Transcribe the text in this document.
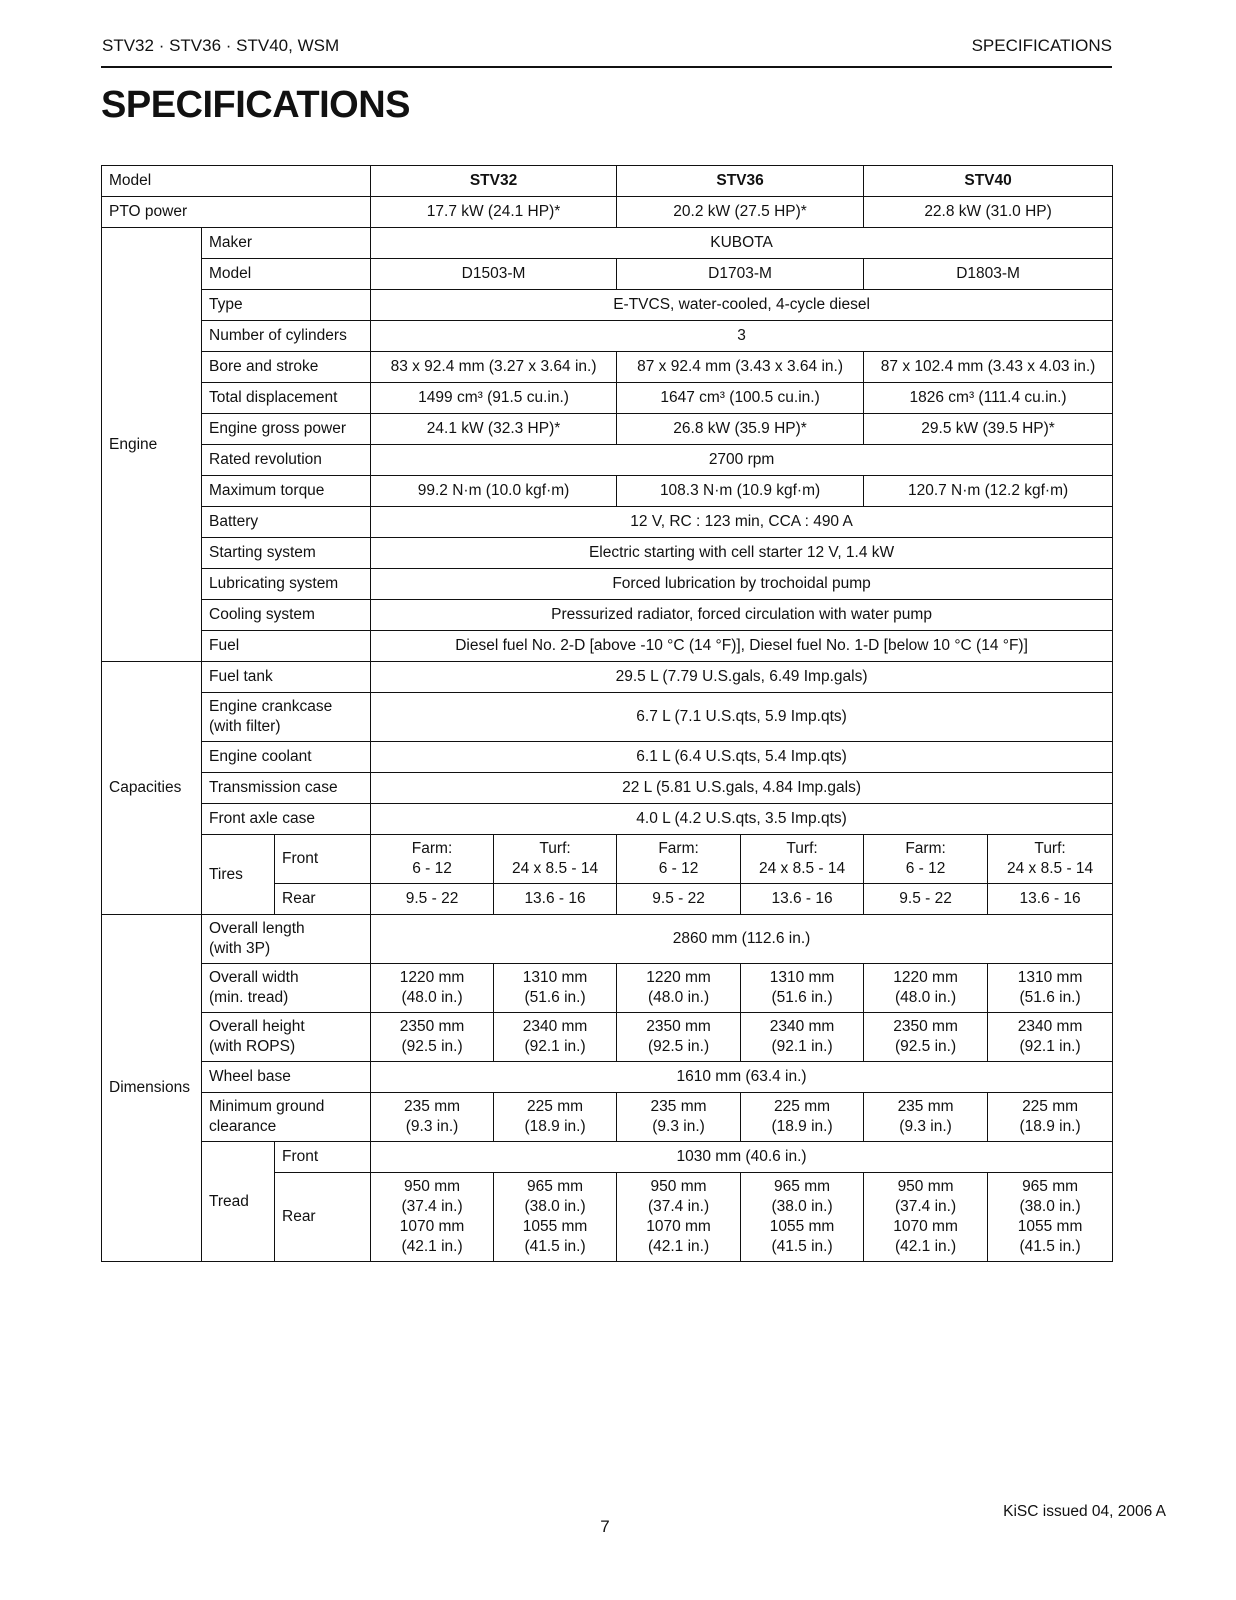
STV32 · STV36 · STV40, WSM	SPECIFICATIONS
SPECIFICATIONS
Model			STV32		STV36		STV40	
PTO power			17.7 kW (24.1 HP)*		20.2 kW (27.5 HP)*		22.8 kW (31.0 HP)	
Engine	Maker		KUBOTA					
	Model		D1503-M		D1703-M		D1803-M	
	Type		E-TVCS, water-cooled, 4-cycle diesel					
	Number of cylinders		3					
	Bore and stroke		83 x 92.4 mm (3.27 x 3.64 in.)		87 x 92.4 mm (3.43 x 3.64 in.)		87 x 102.4 mm (3.43 x 4.03 in.)	
	Total displacement		1499 cm³ (91.5 cu.in.)		1647 cm³ (100.5 cu.in.)		1826 cm³ (111.4 cu.in.)	
	Engine gross power		24.1 kW (32.3 HP)*		26.8 kW (35.9 HP)*		29.5 kW (39.5 HP)*	
	Rated revolution		2700 rpm					
	Maximum torque		99.2 N·m (10.0 kgf·m)		108.3 N·m (10.9 kgf·m)		120.7 N·m (12.2 kgf·m)	
	Battery		12 V, RC : 123 min, CCA : 490 A					
	Starting system		Electric starting with cell starter 12 V, 1.4 kW					
	Lubricating system		Forced lubrication by trochoidal pump					
	Cooling system		Pressurized radiator, forced circulation with water pump					
	Fuel		Diesel fuel No. 2-D [above -10 °C (14 °F)], Diesel fuel No. 1-D [below 10 °C (14 °F)]					
Capacities	Fuel tank		29.5 L (7.79 U.S.gals, 6.49 Imp.gals)					
	Engine crankcase
(with filter)		6.7 L (7.1 U.S.qts, 5.9 Imp.qts)					
	Engine coolant		6.1 L (6.4 U.S.qts, 5.4 Imp.qts)					
	Transmission case		22 L (5.81 U.S.gals, 4.84 Imp.gals)					
	Front axle case		4.0 L (4.2 U.S.qts, 3.5 Imp.qts)					
	Tires	Front	Farm:
6 - 12	Turf:
24 x 8.5 - 14	Farm:
6 - 12	Turf:
24 x 8.5 - 14	Farm:
6 - 12	Turf:
24 x 8.5 - 14
		Rear	9.5 - 22	13.6 - 16	9.5 - 22	13.6 - 16	9.5 - 22	13.6 - 16
Dimensions	Overall length
(with 3P)		2860 mm (112.6 in.)					
	Overall width
(min. tread)		1220 mm
(48.0 in.)	1310 mm
(51.6 in.)	1220 mm
(48.0 in.)	1310 mm
(51.6 in.)	1220 mm
(48.0 in.)	1310 mm
(51.6 in.)
	Overall height
(with ROPS)		2350 mm
(92.5 in.)	2340 mm
(92.1 in.)	2350 mm
(92.5 in.)	2340 mm
(92.1 in.)	2350 mm
(92.5 in.)	2340 mm
(92.1 in.)
	Wheel base		1610 mm (63.4 in.)					
	Minimum ground
clearance		235 mm
(9.3 in.)	225 mm
(18.9 in.)	235 mm
(9.3 in.)	225 mm
(18.9 in.)	235 mm
(9.3 in.)	225 mm
(18.9 in.)
	Tread	Front	1030 mm (40.6 in.)					
		Rear	950 mm
(37.4 in.)
1070 mm
(42.1 in.)	965 mm
(38.0 in.)
1055 mm
(41.5 in.)	950 mm
(37.4 in.)
1070 mm
(42.1 in.)	965 mm
(38.0 in.)
1055 mm
(41.5 in.)	950 mm
(37.4 in.)
1070 mm
(42.1 in.)	965 mm
(38.0 in.)
1055 mm
(41.5 in.)
KiSC issued 04, 2006 A
7
